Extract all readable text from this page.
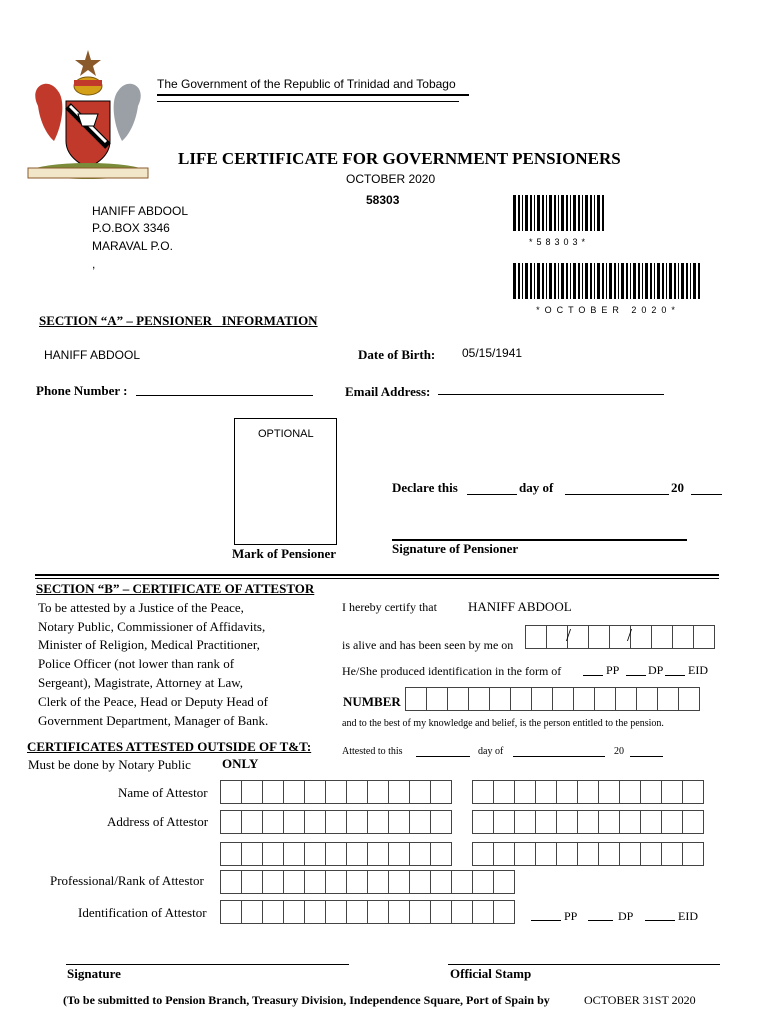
The Government of the Republic of Trinidad and Tobago
LIFE CERTIFICATE FOR GOVERNMENT PENSIONERS
OCTOBER 2020
58303
HANIFF ABDOOL
P.O.BOX 3346
MARAVAL P.O.
,
*58303*
*OCTOBER 2020*
SECTION “A” – PENSIONER   INFORMATION
HANIFF ABDOOL	Date of Birth: 05/15/1941
Phone Number :	Email Address:
OPTIONAL
Mark of Pensioner
Declare this	day of	20
Signature of Pensioner
SECTION “B” – CERTIFICATE OF ATTESTOR
To be attested by a Justice of the Peace,
Notary Public, Commissioner of Affidavits,
Minister of Religion, Medical Practitioner,
Police Officer (not lower than rank of
Sergeant), Magistrate, Attorney at Law,
Clerk of the Peace, Head or Deputy Head of
Government Department, Manager of Bank.
I hereby certify that HANIFF ABDOOL
is alive and has been seen by me on	/	/
He/She produced identification in the form of	PP DP EID
NUMBER
and to the best of my knowledge and belief, is the person entitled to the pension.
CERTIFICATES ATTESTED OUTSIDE OF T&T:
Must be done by Notary Public ONLY
Attested to this	day of	20
Name of Attestor
Address of Attestor
Professional/Rank of Attestor
Identification of Attestor	PP	DP	EID
Signature	Official Stamp
(To be submitted to Pension Branch, Treasury Division, Independence Square, Port of Spain by	OCTOBER 31ST 2020
